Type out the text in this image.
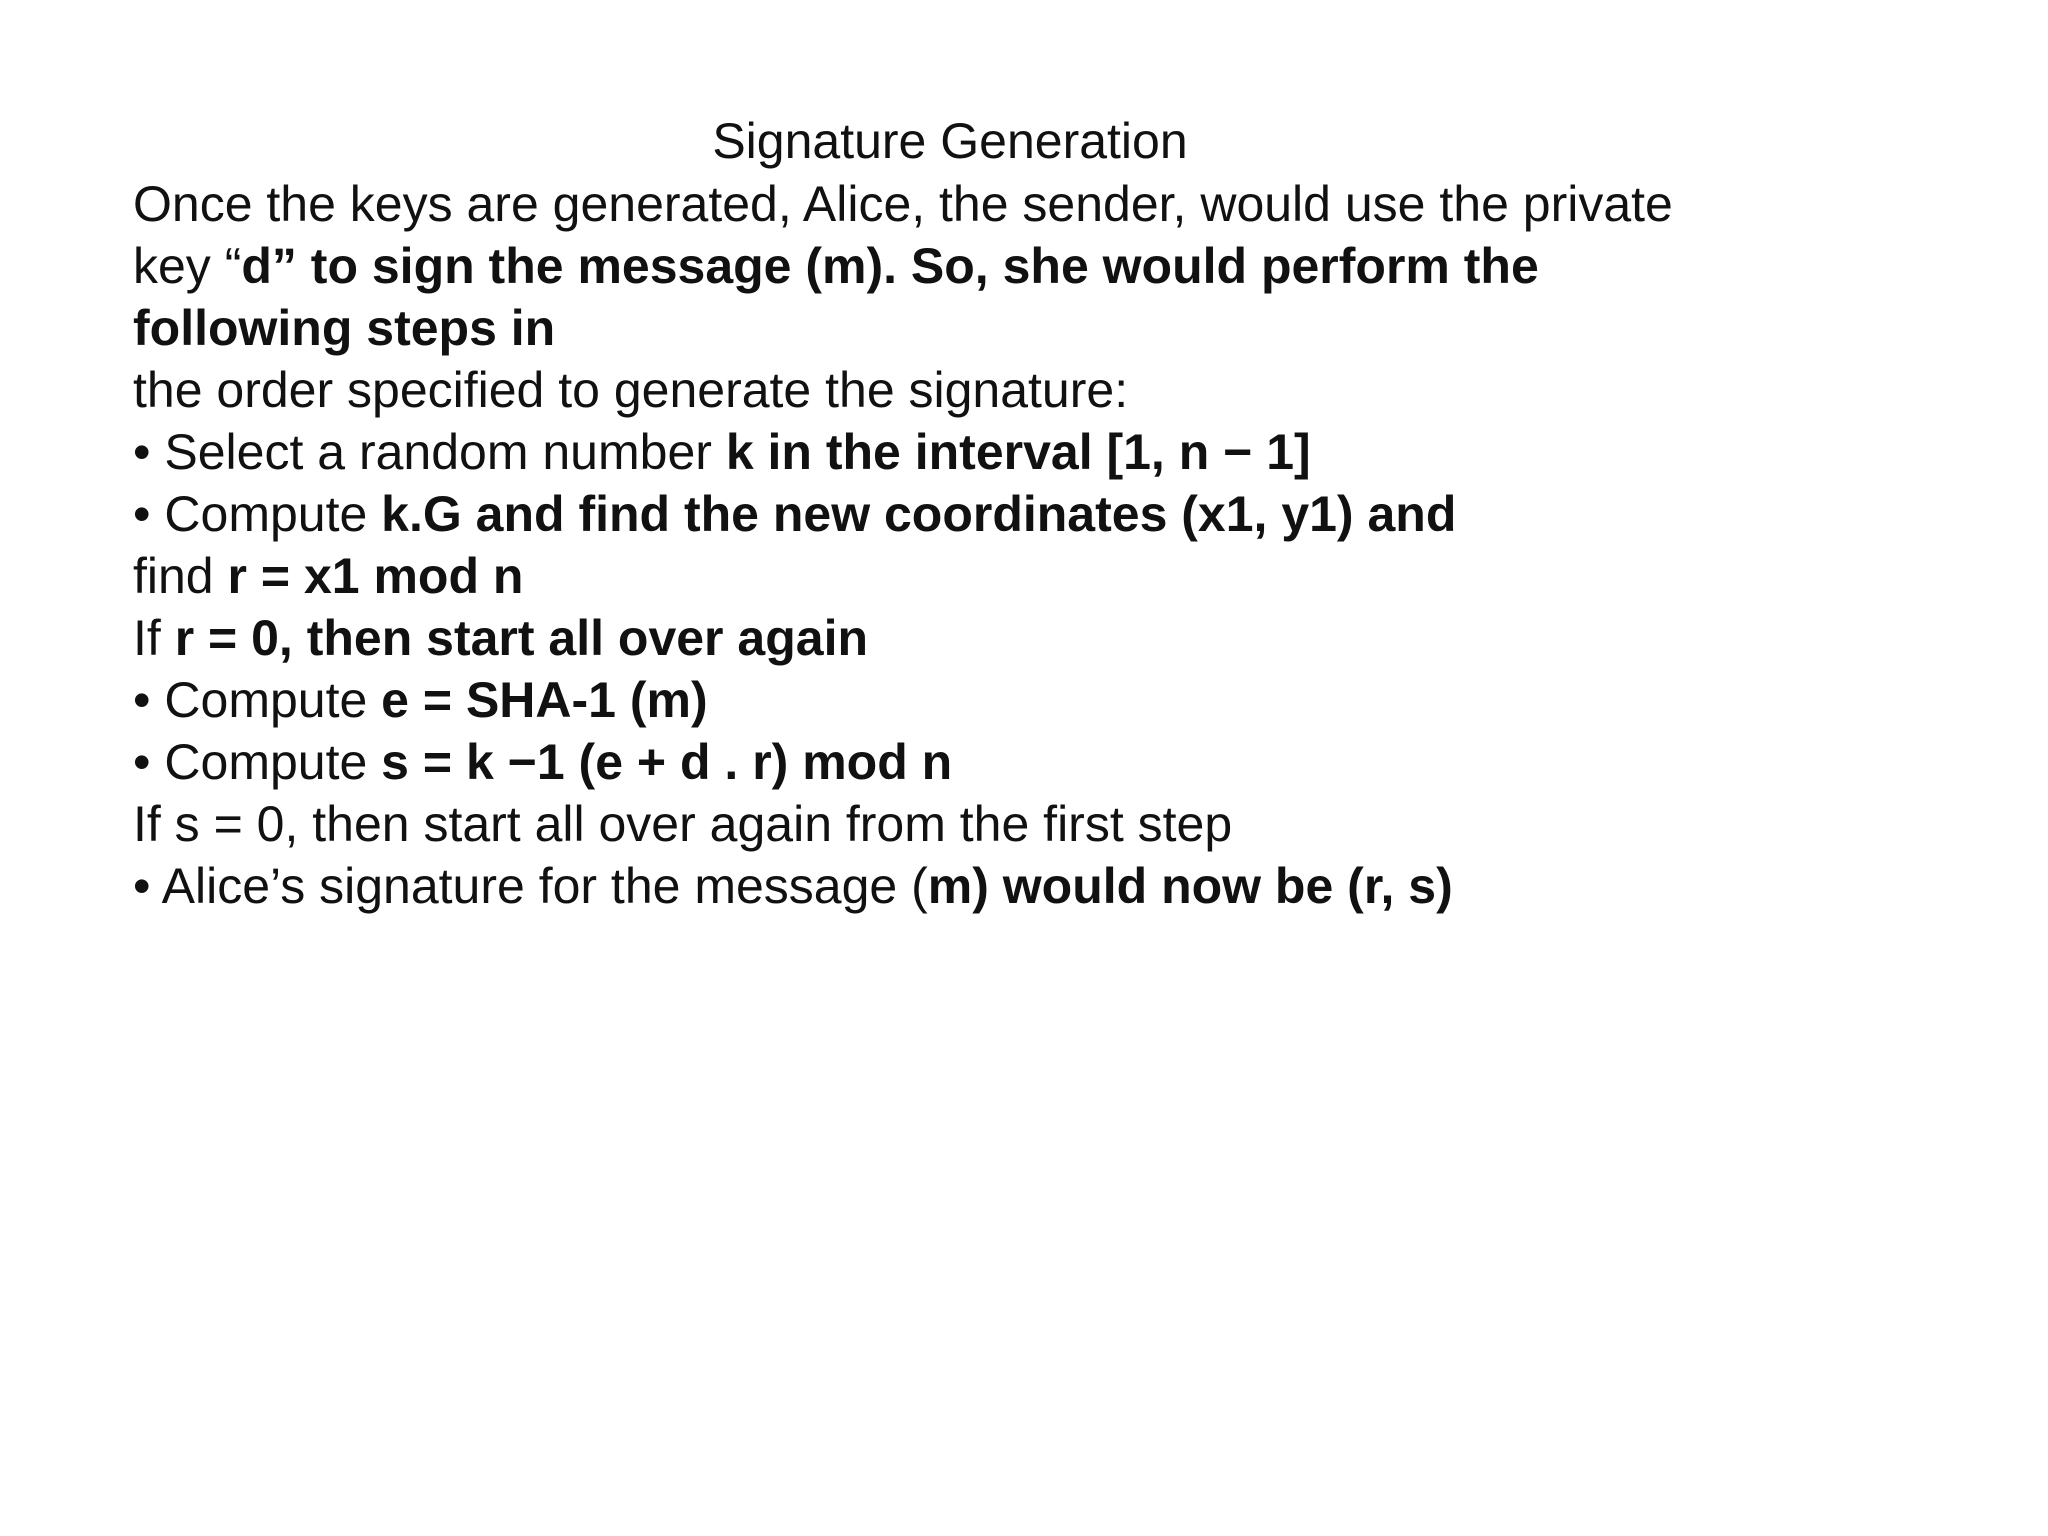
Signature Generation
Once the keys are generated, Alice, the sender, would use the private
key “d” to sign the message (m). So, she would perform the
following steps in
the order specified to generate the signature:
• Select a random number k in the interval [1, n − 1]
• Compute k.G and find the new coordinates (x1, y1) and
find r = x1 mod n
If r = 0, then start all over again
• Compute e = SHA-1 (m)
• Compute s = k −1 (e + d . r) mod n
If s = 0, then start all over again from the first step
• Alice’s signature for the message (m) would now be (r, s)
